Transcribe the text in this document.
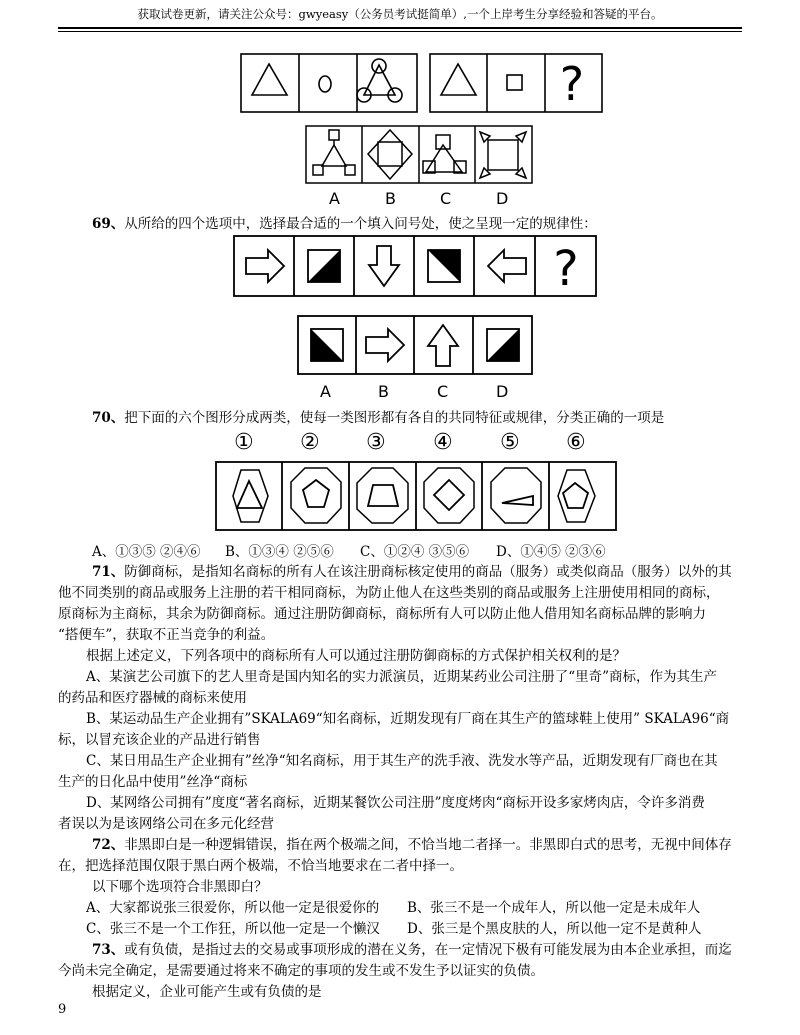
获取试卷更新，请关注公众号：gwyeasy（公务员考试挺简单）,一个上岸考生分享经验和答疑的平台。
?
A	B	C	D
69、从所给的四个选项中，选择最合适的一个填入问号处，使之呈现一定的规律性：
?
A	B	C	D
70、把下面的六个图形分成两类，使每一类图形都有各自的共同特征或规律，分类正确的一项是
① ② ③ ④ ⑤ ⑥
A、①③⑤ ②④⑥ B、①③④ ②⑤⑥ C、①②④ ③⑤⑥ D、①④⑤ ②③⑥
71、防御商标，是指知名商标的所有人在该注册商标核定使用的商品（服务）或类似商品（服务）以外的其
他不同类别的商品或服务上注册的若干相同商标，为防止他人在这些类别的商品或服务上注册使用相同的商标，
原商标为主商标，其余为防御商标。通过注册防御商标，商标所有人可以防止他人借用知名商标品牌的影响力
“搭便车”，获取不正当竞争的利益。
根据上述定义，下列各项中的商标所有人可以通过注册防御商标的方式保护相关权利的是？
A、某演艺公司旗下的艺人里奇是国内知名的实力派演员，近期某药业公司注册了“里奇”商标，作为其生产
的药品和医疗器械的商标来使用
B、某运动品生产企业拥有”SKALA69“知名商标，近期发现有厂商在其生产的篮球鞋上使用” SKALA96“商
标，以冒充该企业的产品进行销售
C、某日用品生产企业拥有”丝净“知名商标，用于其生产的洗手液、洗发水等产品，近期发现有厂商也在其
生产的日化品中使用”丝净“商标
D、某网络公司拥有”度度“著名商标，近期某餐饮公司注册”度度烤肉“商标开设多家烤肉店，令许多消费
者误以为是该网络公司在多元化经营
72、非黑即白是一种逻辑错误，指在两个极端之间，不恰当地二者择一。非黑即白式的思考，无视中间体存
在，把选择范围仅限于黑白两个极端，不恰当地要求在二者中择一。
以下哪个选项符合非黑即白？
A、大家都说张三很爱你，所以他一定是很爱你的 B、张三不是一个成年人，所以他一定是未成年人
C、张三不是一个工作狂，所以他一定是一个懒汉 D、张三是个黑皮肤的人，所以他一定不是黄种人
73、或有负债，是指过去的交易或事项形成的潜在义务，在一定情况下极有可能发展为由本企业承担，而迄
今尚未完全确定，是需要通过将来不确定的事项的发生或不发生予以证实的负债。
根据定义，企业可能产生或有负债的是
9
